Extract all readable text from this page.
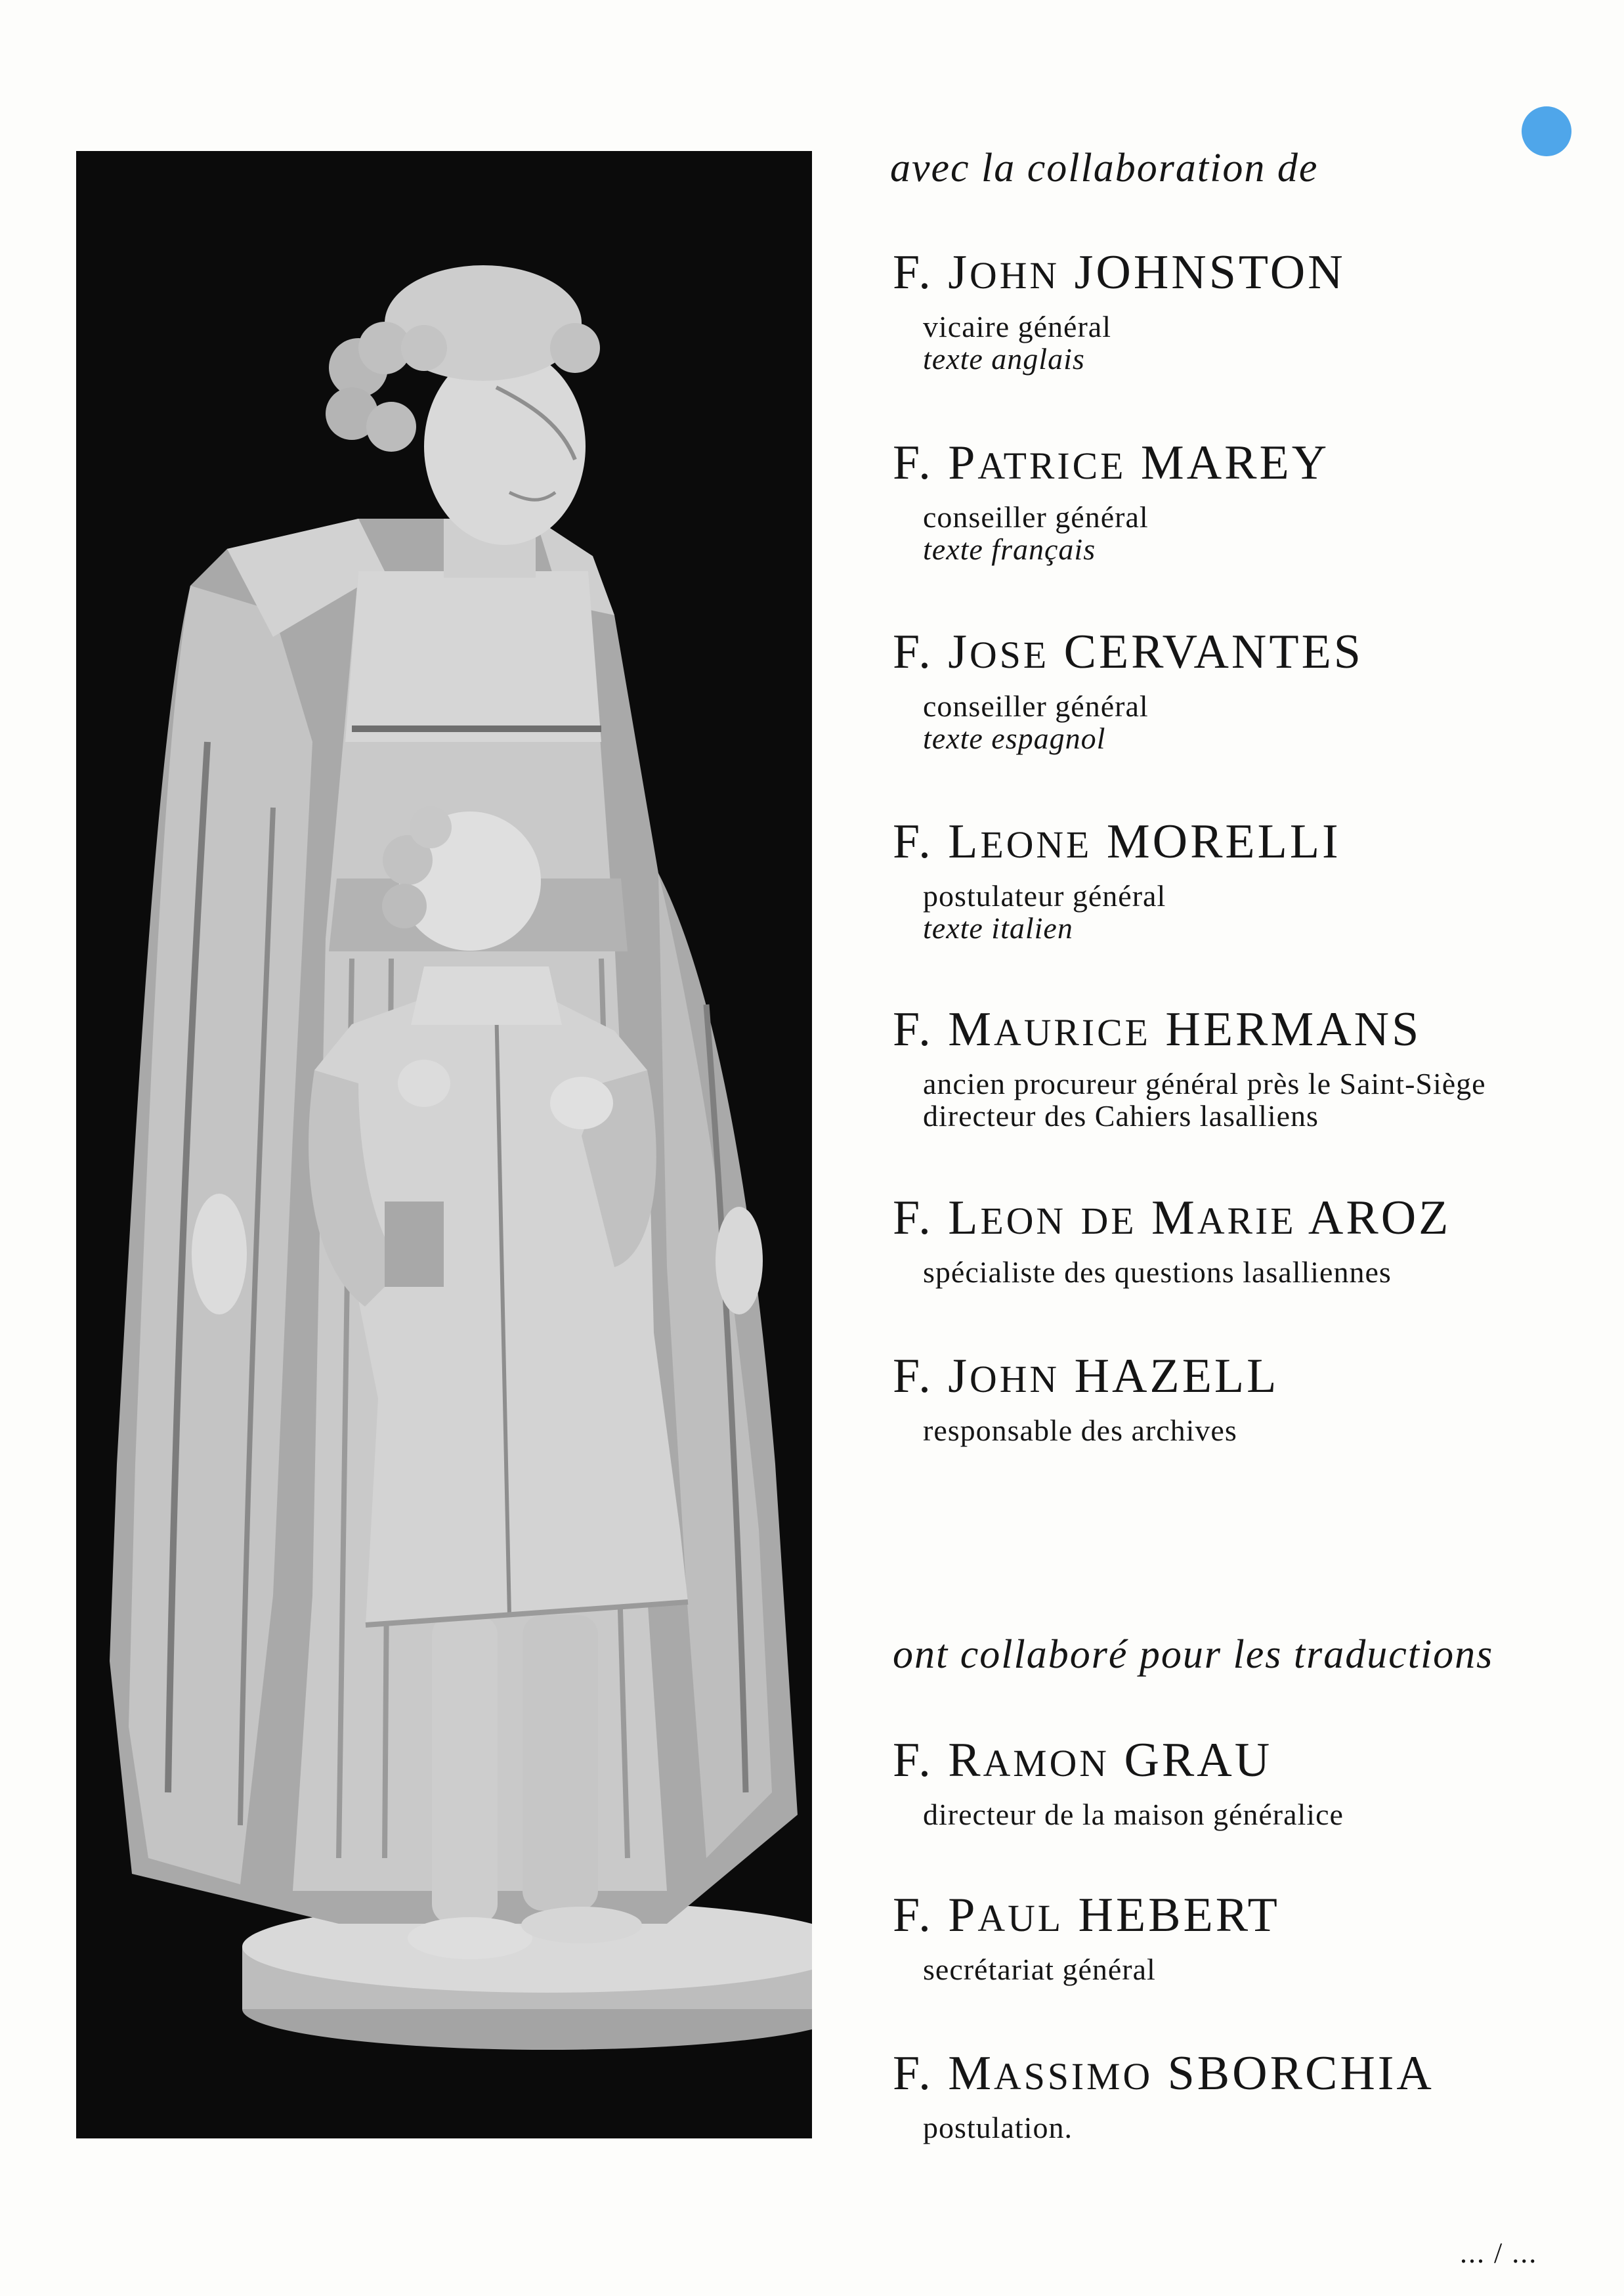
avec la collaboration de
F. JOHN JOHNSTON
vicaire général
texte anglais
F. PATRICE MAREY
conseiller général
texte français
F. JOSE CERVANTES
conseiller général
texte espagnol
F. LEONE MORELLI
postulateur général
texte italien
F. MAURICE HERMANS
ancien procureur général près le Saint-Siège
directeur des Cahiers lasalliens
F. LEON DE MARIE AROZ
spécialiste des questions lasalliennes
F. JOHN HAZELL
responsable des archives
ont collaboré pour les traductions
F. RAMON GRAU
directeur de la maison généralice
F. PAUL HEBERT
secrétariat général
F. MASSIMO SBORCHIA
postulation.
... / ...
